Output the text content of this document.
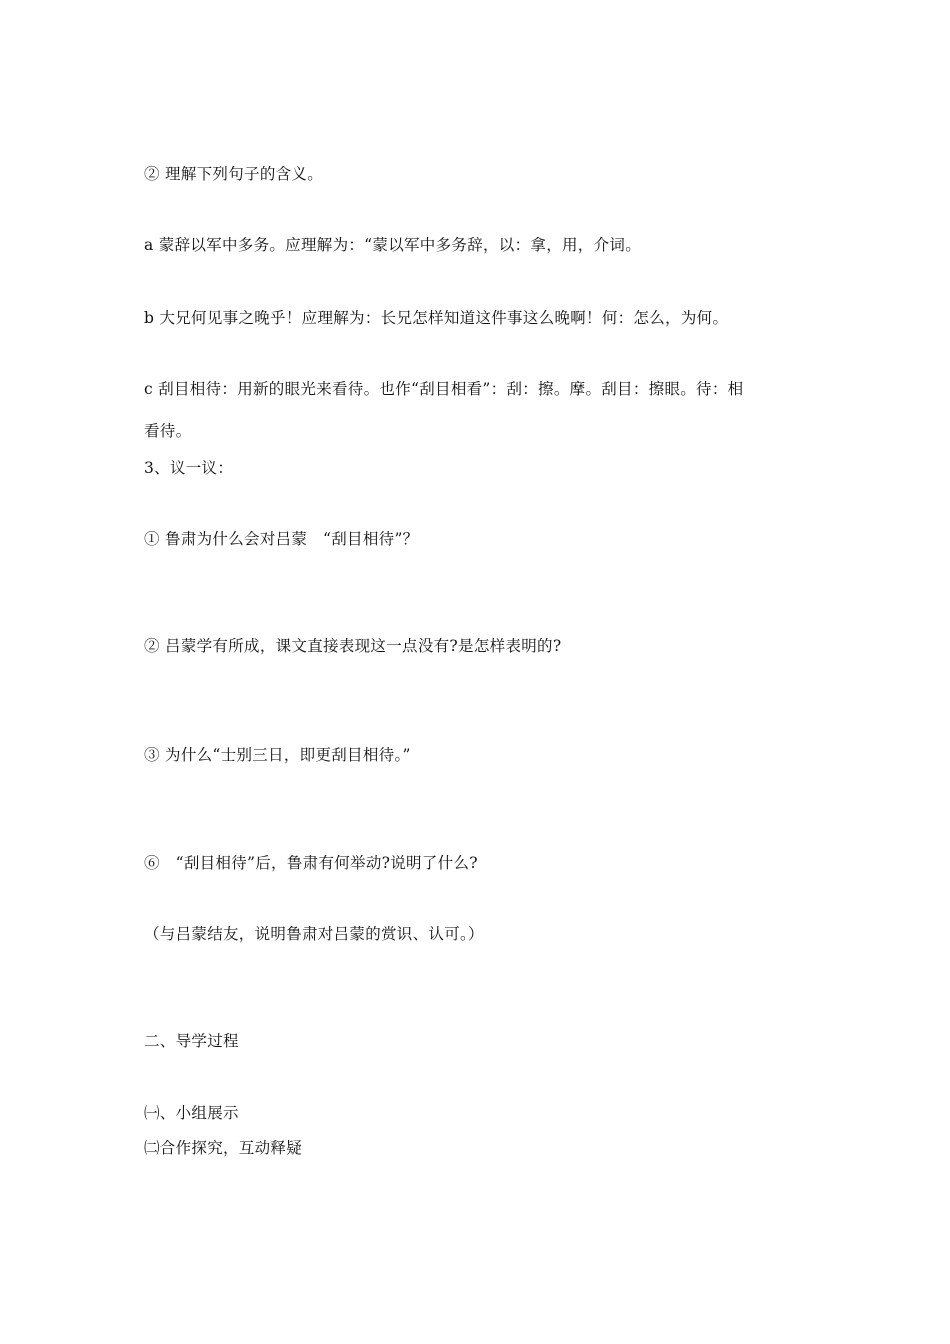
② 理解下列句子的含义。
a 蒙辞以军中多务。应理解为：“蒙以军中多务辞，以：拿，用，介词。
b 大兄何见事之晚乎！应理解为：长兄怎样知道这件事这么晚啊！何：怎么，为何。
c 刮目相待：用新的眼光来看待。也作“刮目相看”：刮：擦。摩。刮目：擦眼。待：相
看待。
3、议一议：
① 鲁肃为什么会对吕蒙　“刮目相待”？
② 吕蒙学有所成，课文直接表现这一点没有?是怎样表明的?
③ 为什么“士别三日，即更刮目相待。”
⑥　“刮目相待”后，鲁肃有何举动?说明了什么?
（与吕蒙结友，说明鲁肃对吕蒙的赏识、认可。）
二、导学过程
㈠、小组展示
㈡合作探究，互动释疑
